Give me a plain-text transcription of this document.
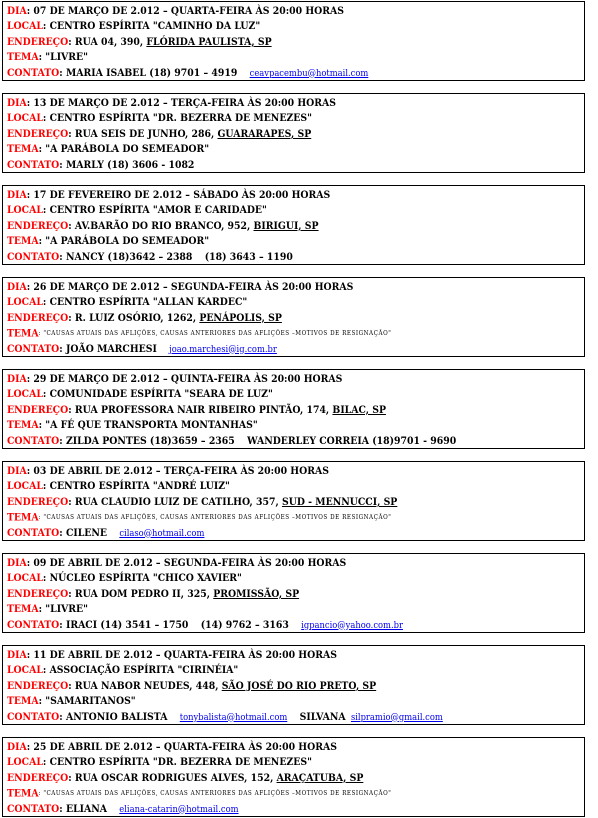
DIA: 07 DE MARÇO DE 2.012 – QUARTA-FEIRA ÀS 20:00 HORAS
LOCAL: CENTRO ESPÍRITA "CAMINHO DA LUZ"
ENDEREÇO: RUA 04, 390, FLÓRIDA PAULISTA, SP
TEMA: "LIVRE"
CONTATO: MARIA ISABEL (18) 9701 – 4919 ceavpacembu@hotmail.com
DIA: 13 DE MARÇO DE 2.012 – TERÇA-FEIRA ÀS 20:00 HORAS
LOCAL: CENTRO ESPÍRITA "DR. BEZERRA DE MENEZES"
ENDEREÇO: RUA SEIS DE JUNHO, 286, GUARARAPES, SP
TEMA: "A PARÁBOLA DO SEMEADOR"
CONTATO: MARLY (18) 3606 - 1082
DIA: 17 DE FEVEREIRO DE 2.012 – SÁBADO ÀS 20:00 HORAS
LOCAL: CENTRO ESPÍRITA "AMOR E CARIDADE"
ENDEREÇO: AV.BARÃO DO RIO BRANCO, 952, BIRIGUI, SP
TEMA: "A PARÁBOLA DO SEMEADOR"
CONTATO: NANCY (18)3642 – 2388 (18) 3643 – 1190
DIA: 26 DE MARÇO DE 2.012 – SEGUNDA-FEIRA ÀS 20:00 HORAS
LOCAL: CENTRO ESPÍRITA "ALLAN KARDEC"
ENDEREÇO: R. LUIZ OSÓRIO, 1262, PENÁPOLIS, SP
TEMA: "CAUSAS ATUAIS DAS AFLIÇÕES, CAUSAS ANTERIORES DAS AFLIÇÕES –MOTIVOS DE RESIGNAÇÃO"
CONTATO: JOÃO MARCHESI joao.marchesi@ig.com.br
DIA: 29 DE MARÇO DE 2.012 – QUINTA-FEIRA ÀS 20:00 HORAS
LOCAL: COMUNIDADE ESPÍRITA "SEARA DE LUZ"
ENDEREÇO: RUA PROFESSORA NAIR RIBEIRO PINTÃO, 174, BILAC, SP
TEMA: "A FÉ QUE TRANSPORTA MONTANHAS"
CONTATO: ZILDA PONTES (18)3659 – 2365 WANDERLEY CORREIA (18)9701 - 9690
DIA: 03 DE ABRIL DE 2.012 – TERÇA-FEIRA ÀS 20:00 HORAS
LOCAL: CENTRO ESPÍRITA "ANDRÉ LUIZ"
ENDEREÇO: RUA CLAUDIO LUIZ DE CATILHO, 357, SUD - MENNUCCI, SP
TEMA: "CAUSAS ATUAIS DAS AFLIÇÕES, CAUSAS ANTERIORES DAS AFLIÇÕES –MOTIVOS DE RESIGNAÇÃO"
CONTATO: CILENE cilaso@hotmail.com
DIA: 09 DE ABRIL DE 2.012 – SEGUNDA-FEIRA ÀS 20:00 HORAS
LOCAL: NÚCLEO ESPÍRITA "CHICO XAVIER"
ENDEREÇO: RUA DOM PEDRO II, 325, PROMISSÃO, SP
TEMA: "LIVRE"
CONTATO: IRACI (14) 3541 – 1750 (14) 9762 – 3163 igpancio@yahoo.com.br
DIA: 11 DE ABRIL DE 2.012 – QUARTA-FEIRA ÀS 20:00 HORAS
LOCAL: ASSOCIAÇÃO ESPÍRITA "CIRINÉIA"
ENDEREÇO: RUA NABOR NEUDES, 448, SÃO JOSÉ DO RIO PRETO, SP
TEMA: "SAMARITANOS"
CONTATO: ANTONIO BALISTA tonybalista@hotmail.com SILVANA silpramio@gmail.com
DIA: 25 DE ABRIL DE 2.012 – QUARTA-FEIRA ÀS 20:00 HORAS
LOCAL: CENTRO ESPÍRITA "DR. BEZERRA DE MENEZES"
ENDEREÇO: RUA OSCAR RODRIGUES ALVES, 152, ARAÇATUBA, SP
TEMA: "CAUSAS ATUAIS DAS AFLIÇÕES, CAUSAS ANTERIORES DAS AFLIÇÕES –MOTIVOS DE RESIGNAÇÃO"
CONTATO: ELIANA eliana-catarin@hotmail.com
